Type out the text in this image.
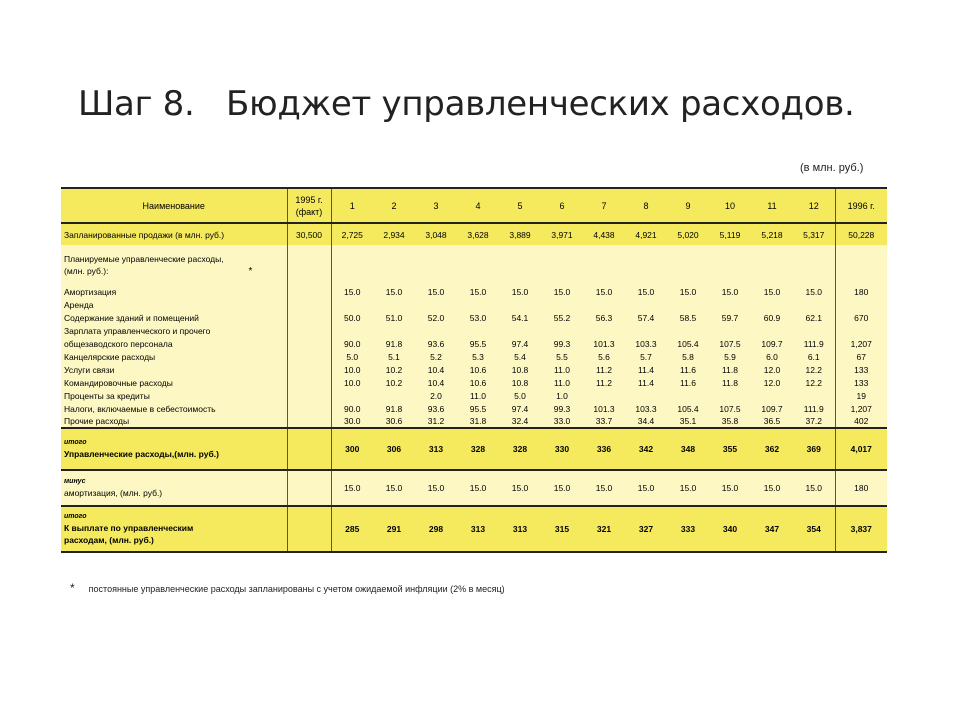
Шаг 8.   Бюджет управленческих расходов.
(в млн. руб.)
Наименование	1995 г.
(факт)	1	2	3	4	5	6	7	8	9	10	11	12	1996 г.
Запланированные продажи (в млн. руб.)	30,500	2,725	2,934	3,048	3,628	3,889	3,971	4,438	4,921	5,020	5,119	5,218	5,317	50,228

Планируемые управленческие расходы,
(млн. руб.): *														

Амортизация		15.0	15.0	15.0	15.0	15.0	15.0	15.0	15.0	15.0	15.0	15.0	15.0	180
Аренда														
Содержание зданий и помещений		50.0	51.0	52.0	53.0	54.1	55.2	56.3	57.4	58.5	59.7	60.9	62.1	670
Зарплата управленческого и прочего														
общезаводского персонала		90.0	91.8	93.6	95.5	97.4	99.3	101.3	103.3	105.4	107.5	109.7	111.9	1,207
Канцелярские расходы		5.0	5.1	5.2	5.3	5.4	5.5	5.6	5.7	5.8	5.9	6.0	6.1	67
Услуги связи		10.0	10.2	10.4	10.6	10.8	11.0	11.2	11.4	11.6	11.8	12.0	12.2	133
Командировочные расходы		10.0	10.2	10.4	10.6	10.8	11.0	11.2	11.4	11.6	11.8	12.0	12.2	133
Проценты за кредиты				2.0	11.0	5.0	1.0							19
Налоги, включаемые в себестоимость		90.0	91.8	93.6	95.5	97.4	99.3	101.3	103.3	105.4	107.5	109.7	111.9	1,207
Прочие расходы		30.0	30.6	31.2	31.8	32.4	33.0	33.7	34.4	35.1	35.8	36.5	37.2	402

итого
Управленческие расходы,(млн. руб.)		300	306	313	328	328	330	336	342	348	355	362	369	4,017

минус
амортизация, (млн. руб.)		15.0	15.0	15.0	15.0	15.0	15.0	15.0	15.0	15.0	15.0	15.0	15.0	180

итого
К выплате по управленческим
расходам, (млн. руб.)		285	291	298	313	313	315	321	327	333	340	347	354	3,837
* постоянные управленческие расходы запланированы с учетом ожидаемой инфляции (2% в месяц)
